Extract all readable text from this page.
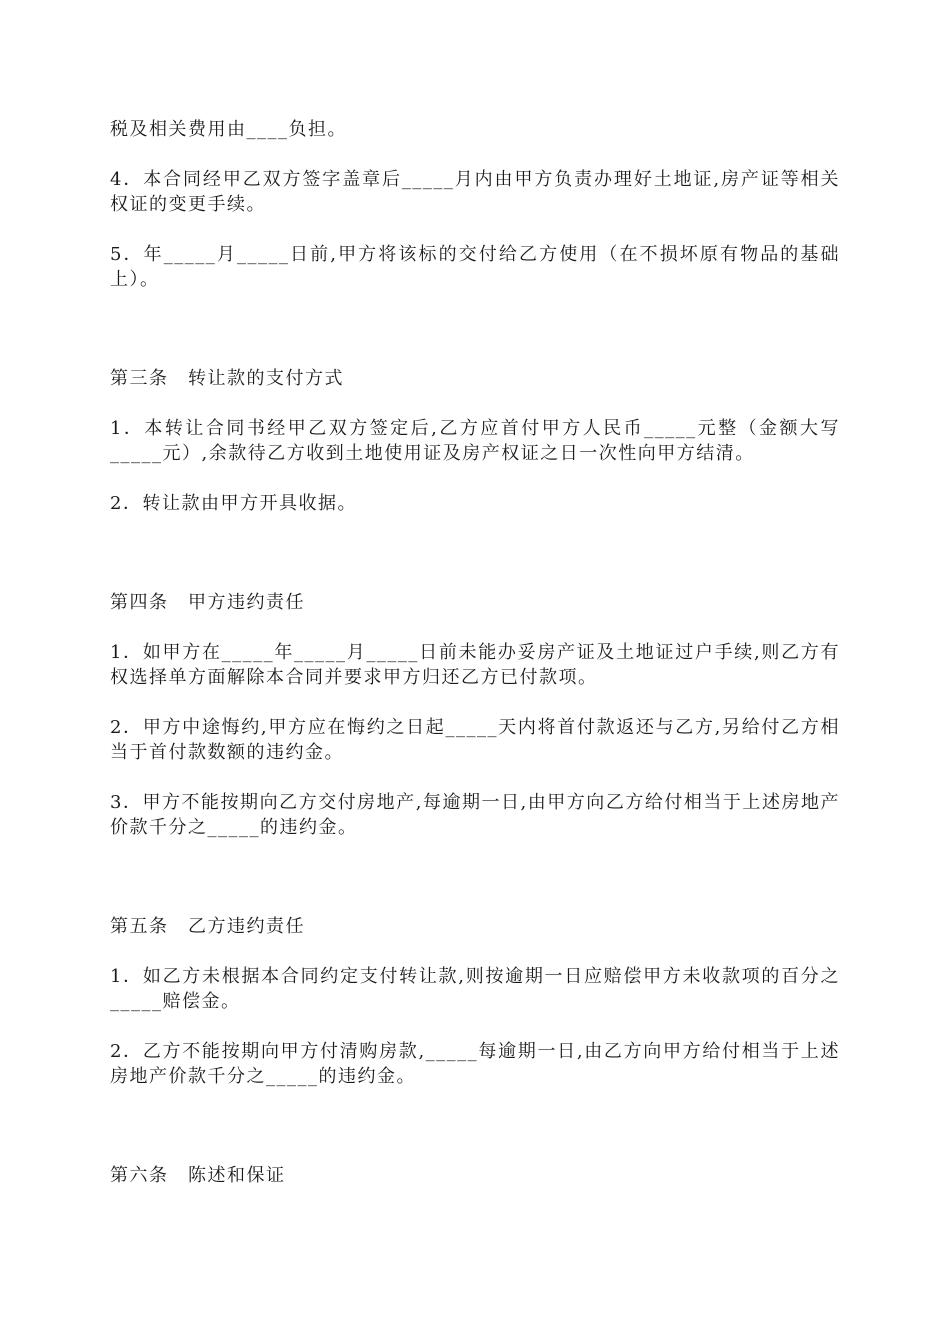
税及相关费用由____负担。

4．本合同经甲乙双方签字盖章后_____月内由甲方负责办理好土地证,房产证等相关权证的变更手续。

5．年_____月_____日前,甲方将该标的交付给乙方使用（在不损坏原有物品的基础上）。

第三条　转让款的支付方式

1．本转让合同书经甲乙双方签定后,乙方应首付甲方人民币_____元整（金额大写_____元）,余款待乙方收到土地使用证及房产权证之日一次性向甲方结清。

2．转让款由甲方开具收据。

第四条　甲方违约责任

1．如甲方在_____年_____月_____日前未能办妥房产证及土地证过户手续,则乙方有权选择单方面解除本合同并要求甲方归还乙方已付款项。

2．甲方中途悔约,甲方应在悔约之日起_____天内将首付款返还与乙方,另给付乙方相当于首付款数额的违约金。

3．甲方不能按期向乙方交付房地产,每逾期一日,由甲方向乙方给付相当于上述房地产价款千分之_____的违约金。

第五条　乙方违约责任

1．如乙方未根据本合同约定支付转让款,则按逾期一日应赔偿甲方未收款项的百分之_____赔偿金。

2．乙方不能按期向甲方付清购房款,_____每逾期一日,由乙方向甲方给付相当于上述房地产价款千分之_____的违约金。

第六条　陈述和保证
